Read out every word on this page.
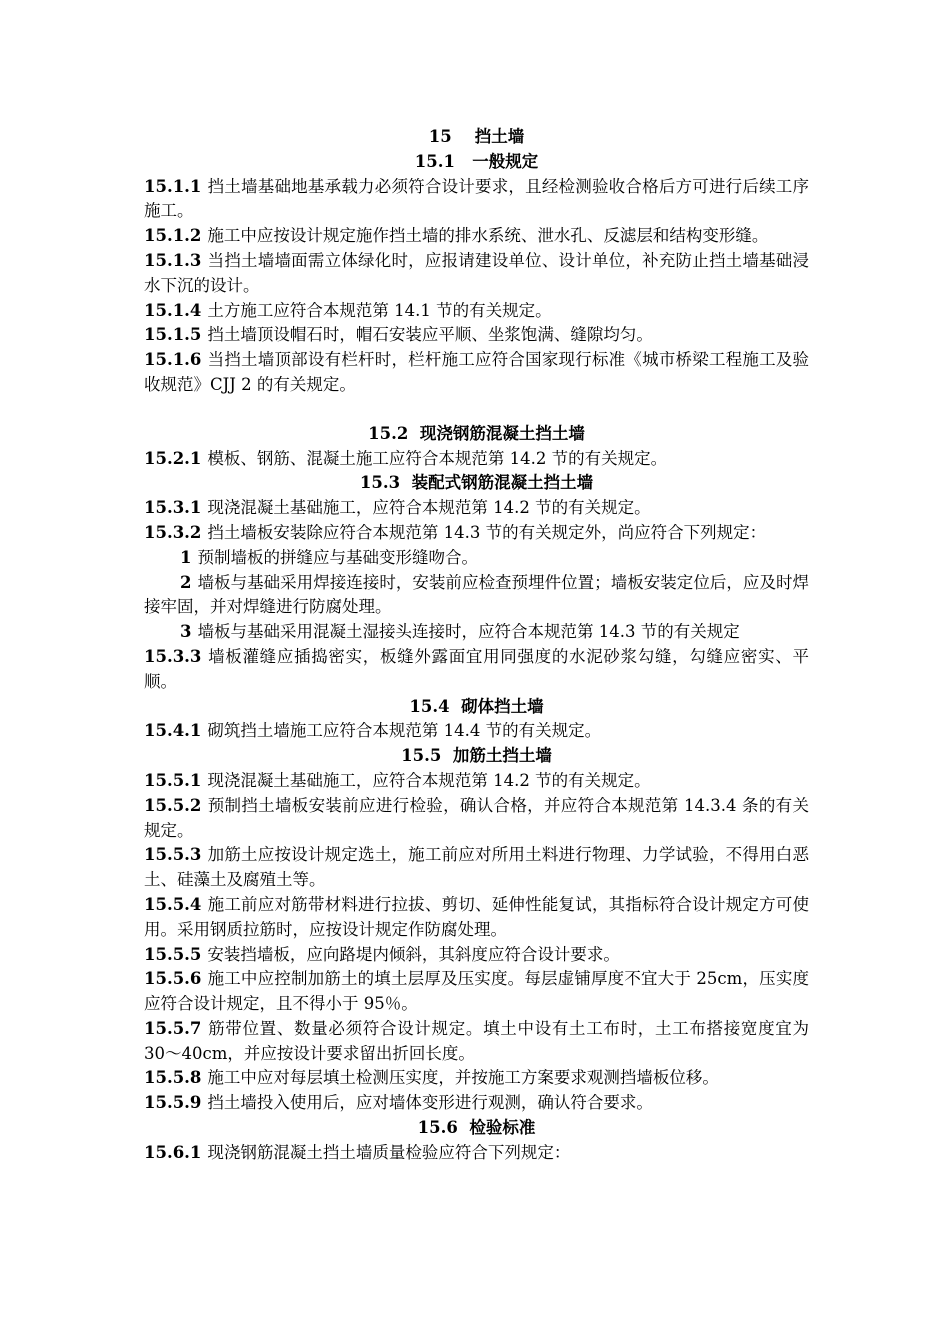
15 挡土墙
15.1 一般规定
15.1.1 挡土墙基础地基承载力必须符合设计要求，且经检测验收合格后方可进行后续工序施工。
15.1.2 施工中应按设计规定施作挡土墙的排水系统、泄水孔、反滤层和结构变形缝。
15.1.3 当挡土墙墙面需立体绿化时，应报请建设单位、设计单位，补充防止挡土墙基础浸水下沉的设计。
15.1.4 土方施工应符合本规范第 14.1 节的有关规定。
15.1.5 挡土墙顶设帽石时，帽石安装应平顺、坐浆饱满、缝隙均匀。
15.1.6 当挡土墙顶部设有栏杆时，栏杆施工应符合国家现行标准《城市桥梁工程施工及验收规范》CJJ 2 的有关规定。
15.2 现浇钢筋混凝土挡土墙
15.2.1 模板、钢筋、混凝土施工应符合本规范第 14.2 节的有关规定。
15.3 装配式钢筋混凝土挡土墙
15.3.1 现浇混凝土基础施工，应符合本规范第 14.2 节的有关规定。
15.3.2 挡土墙板安装除应符合本规范第 14.3 节的有关规定外，尚应符合下列规定：
1 预制墙板的拼缝应与基础变形缝吻合。
2 墙板与基础采用焊接连接时，安装前应检查预埋件位置；墙板安装定位后，应及时焊接牢固，并对焊缝进行防腐处理。
3 墙板与基础采用混凝土湿接头连接时，应符合本规范第 14.3 节的有关规定
15.3.3 墙板灌缝应插捣密实，板缝外露面宜用同强度的水泥砂浆勾缝，勾缝应密实、平顺。
15.4 砌体挡土墙
15.4.1 砌筑挡土墙施工应符合本规范第 14.4 节的有关规定。
15.5 加筋土挡土墙
15.5.1 现浇混凝土基础施工，应符合本规范第 14.2 节的有关规定。
15.5.2 预制挡土墙板安装前应进行检验，确认合格，并应符合本规范第 14.3.4 条的有关规定。
15.5.3 加筋土应按设计规定选土，施工前应对所用土料进行物理、力学试验，不得用白恶土、硅藻土及腐殖土等。
15.5.4 施工前应对筋带材料进行拉拔、剪切、延伸性能复试，其指标符合设计规定方可使用。采用钢质拉筋时，应按设计规定作防腐处理。
15.5.5 安装挡墙板，应向路堤内倾斜，其斜度应符合设计要求。
15.5.6 施工中应控制加筋土的填土层厚及压实度。每层虚铺厚度不宜大于 25cm，压实度应符合设计规定，且不得小于 95％。
15.5.7 筋带位置、数量必须符合设计规定。填土中设有土工布时，土工布搭接宽度宜为 30～40cm，并应按设计要求留出折回长度。
15.5.8 施工中应对每层填土检测压实度，并按施工方案要求观测挡墙板位移。
15.5.9 挡土墙投入使用后，应对墙体变形进行观测，确认符合要求。
15.6 检验标准
15.6.1 现浇钢筋混凝土挡土墙质量检验应符合下列规定：
